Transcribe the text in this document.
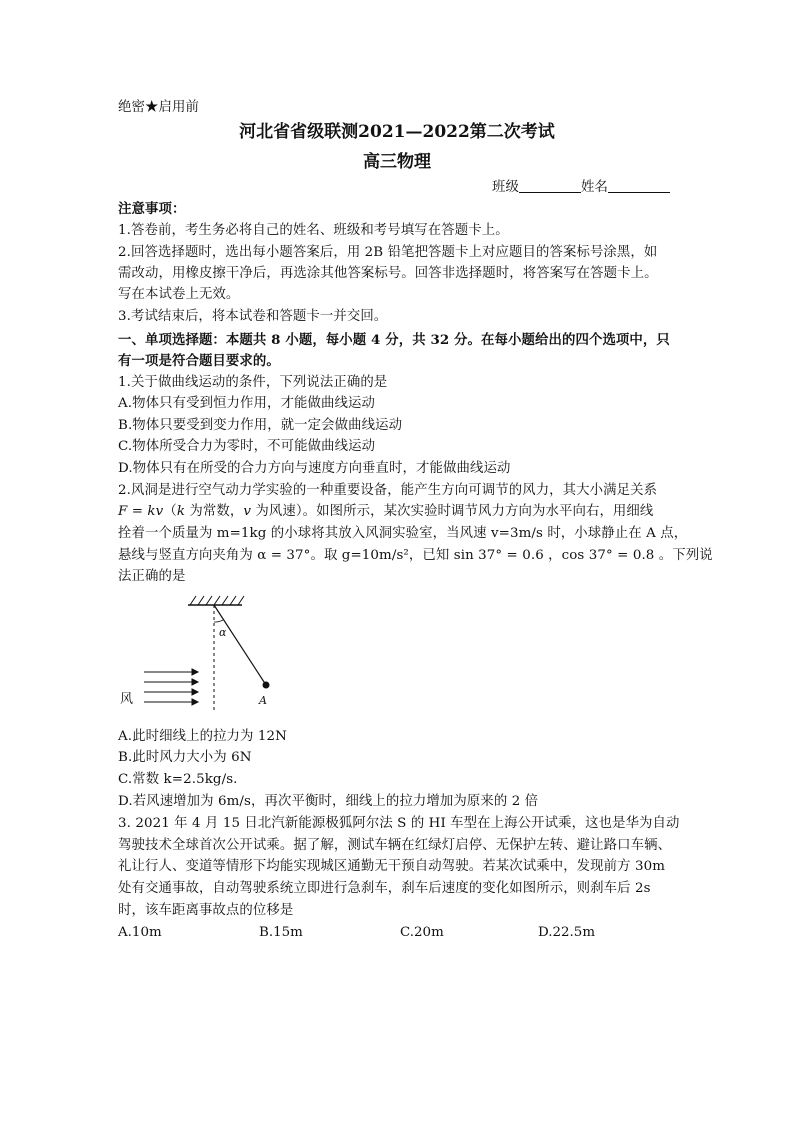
绝密★启用前
河北省省级联测2021—2022第二次考试
高三物理
班级	姓名
注意事项：
1.答卷前，考生务必将自己的姓名、班级和考号填写在答题卡上。
2.回答选择题时，选出每小题答案后，用 2B 铅笔把答题卡上对应题目的答案标号涂黑，如
需改动，用橡皮擦干净后，再选涂其他答案标号。回答非选择题时，将答案写在答题卡上。
写在本试卷上无效。
3.考试结束后，将本试卷和答题卡一并交回。
一、单项选择题：本题共 8 小题，每小题 4 分，共 32 分。在每小题给出的四个选项中，只
有一项是符合题目要求的。
1.关于做曲线运动的条件，下列说法正确的是
A.物体只有受到恒力作用，才能做曲线运动
B.物体只要受到变力作用，就一定会做曲线运动
C.物体所受合力为零时，不可能做曲线运动
D.物体只有在所受的合力方向与速度方向垂直时，才能做曲线运动
2.风洞是进行空气动力学实验的一种重要设备，能产生方向可调节的风力，其大小满足关系
F = kv（k 为常数，v 为风速）。如图所示，某次实验时调节风力方向为水平向右，用细线
拴着一个质量为 m=1kg 的小球将其放入风洞实验室，当风速 v=3m/s 时，小球静止在 A 点，
悬线与竖直方向夹角为 α = 37°。取 g=10m/s²，已知 sin 37° = 0.6 ，cos 37° = 0.8 。下列说
法正确的是
α
A
风
A.此时细线上的拉力为 12N
B.此时风力大小为 6N
C.常数 k=2.5kg/s.
D.若风速增加为 6m/s，再次平衡时，细线上的拉力增加为原来的 2 倍
3. 2021 年 4 月 15 日北汽新能源极狐阿尔法 S 的 HI 车型在上海公开试乘，这也是华为自动
驾驶技术全球首次公开试乘。据了解，测试车辆在红绿灯启停、无保护左转、避让路口车辆、
礼让行人、变道等情形下均能实现城区通勤无干预自动驾驶。若某次试乘中，发现前方 30m
处有交通事故，自动驾驶系统立即进行急刹车，刹车后速度的变化如图所示，则刹车后 2s
时，该车距离事故点的位移是
A.10m	B.15m	C.20m	D.22.5m
